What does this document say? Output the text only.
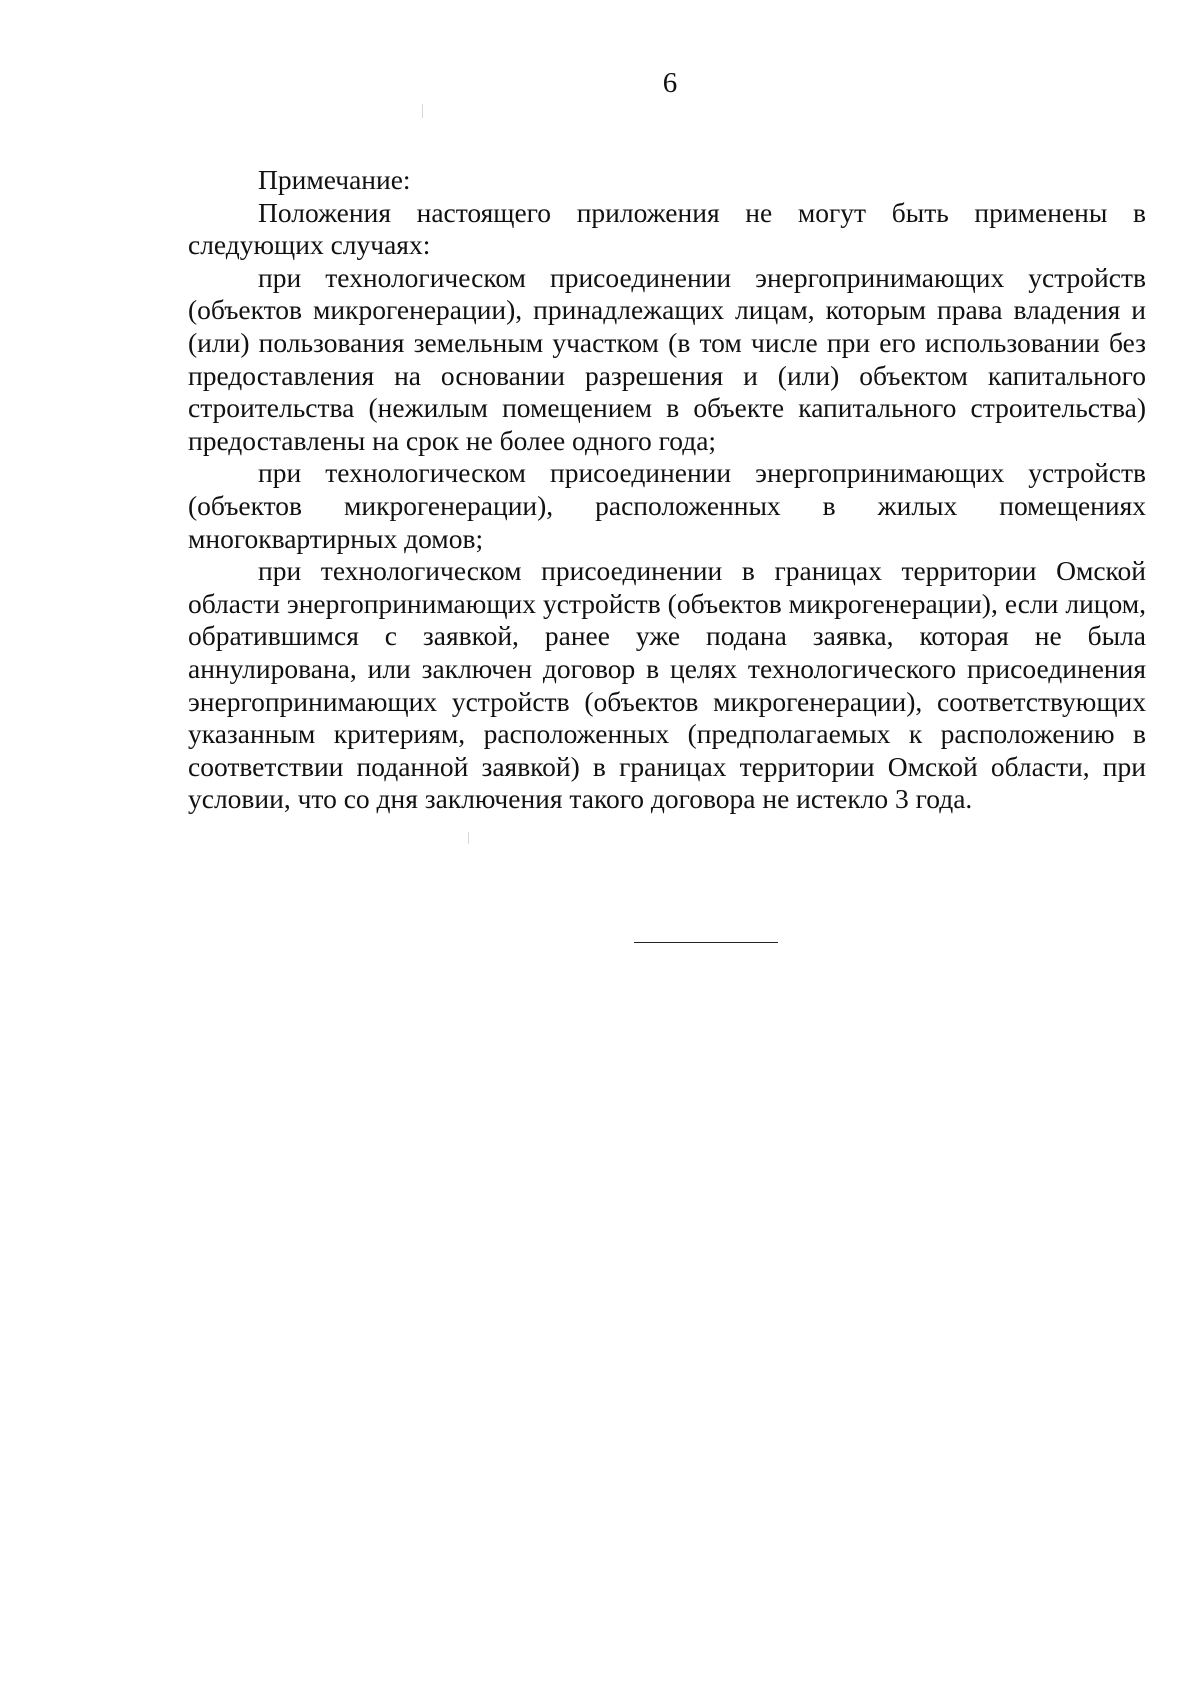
6

Примечание:

Положения настоящего приложения не могут быть применены в следующих случаях:

при технологическом присоединении энергопринимающих устройств (объектов микрогенерации), принадлежащих лицам, которым права владения и (или) пользования земельным участком (в том числе при его использовании без предоставления на основании разрешения и (или) объектом капитального строительства (нежилым помещением в объекте капитального строительства) предоставлены на срок не более одного года;

при технологическом присоединении энергопринимающих устройств (объектов микрогенерации), расположенных в жилых помещениях многоквартирных домов;

при технологическом присоединении в границах территории Омской области энергопринимающих устройств (объектов микрогенерации), если лицом, обратившимся с заявкой, ранее уже подана заявка, которая не была аннулирована, или заключен договор в целях технологического присоединения энергопринимающих устройств (объектов микрогенерации), соответствующих указанным критериям, расположенных (предполагаемых к расположению в соответствии поданной заявкой) в границах территории Омской области, при условии, что со дня заключения такого договора не истекло 3 года.
